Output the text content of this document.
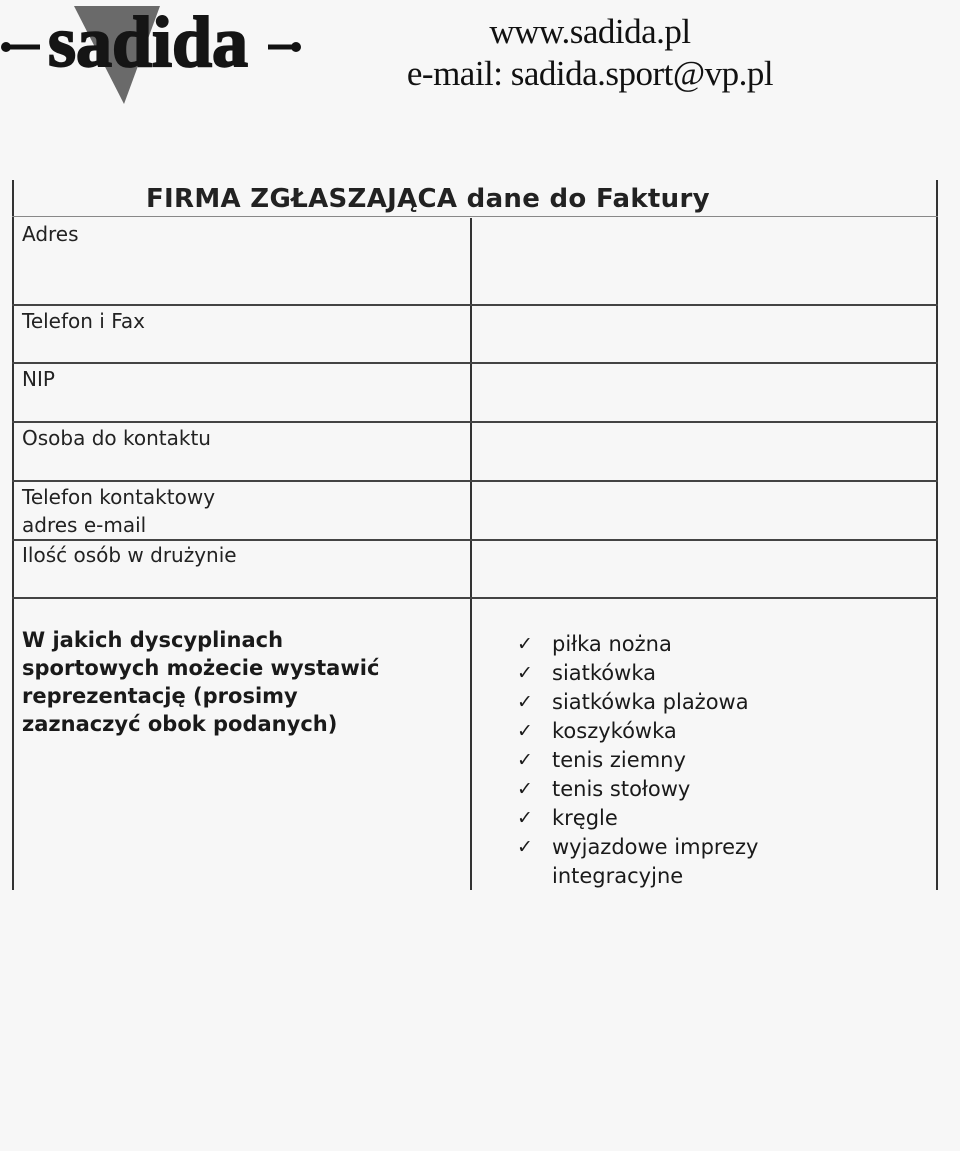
sadida	www.sadida.pl
e-mail: sadida.sport@vp.pl
FIRMA ZGŁASZAJĄCA dane do Faktury
Adres
Telefon i Fax
NIP
Osoba do kontaktu
Telefon kontaktowy
adres e-mail
Ilość osób w drużynie
W jakich dyscyplinach
sportowych możecie wystawić
reprezentację (prosimy
zaznaczyć obok podanych)
✓ piłka nożna
✓ siatkówka
✓ siatkówka plażowa
✓ koszykówka
✓ tenis ziemny
✓ tenis stołowy
✓ kręgle
✓ wyjazdowe imprezy
integracyjne
